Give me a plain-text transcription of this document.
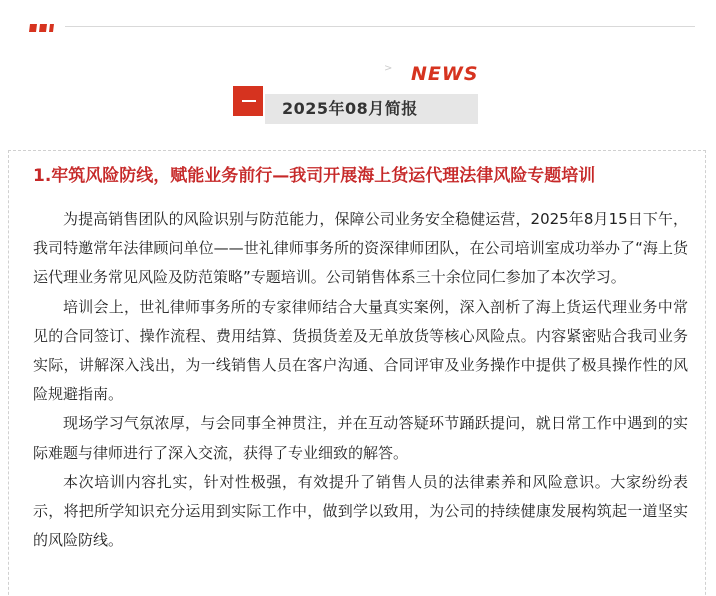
> NEWS
2025年08月简报
1.牢筑风险防线，赋能业务前行—我司开展海上货运代理法律风险专题培训

为提高销售团队的风险识别与防范能力，保障公司业务安全稳健运营，2025年8月15日下午，我司特邀常年法律顾问单位——世礼律师事务所的资深律师团队，在公司培训室成功举办了“海上货运代理业务常见风险及防范策略”专题培训。公司销售体系三十余位同仁参加了本次学习。

培训会上，世礼律师事务所的专家律师结合大量真实案例，深入剖析了海上货运代理业务中常见的合同签订、操作流程、费用结算、货损货差及无单放货等核心风险点。内容紧密贴合我司业务实际，讲解深入浅出，为一线销售人员在客户沟通、合同评审及业务操作中提供了极具操作性的风险规避指南。

现场学习气氛浓厚，与会同事全神贯注，并在互动答疑环节踊跃提问，就日常工作中遇到的实际难题与律师进行了深入交流，获得了专业细致的解答。

本次培训内容扎实，针对性极强，有效提升了销售人员的法律素养和风险意识。大家纷纷表示，将把所学知识充分运用到实际工作中，做到学以致用，为公司的持续健康发展构筑起一道坚实的风险防线。
